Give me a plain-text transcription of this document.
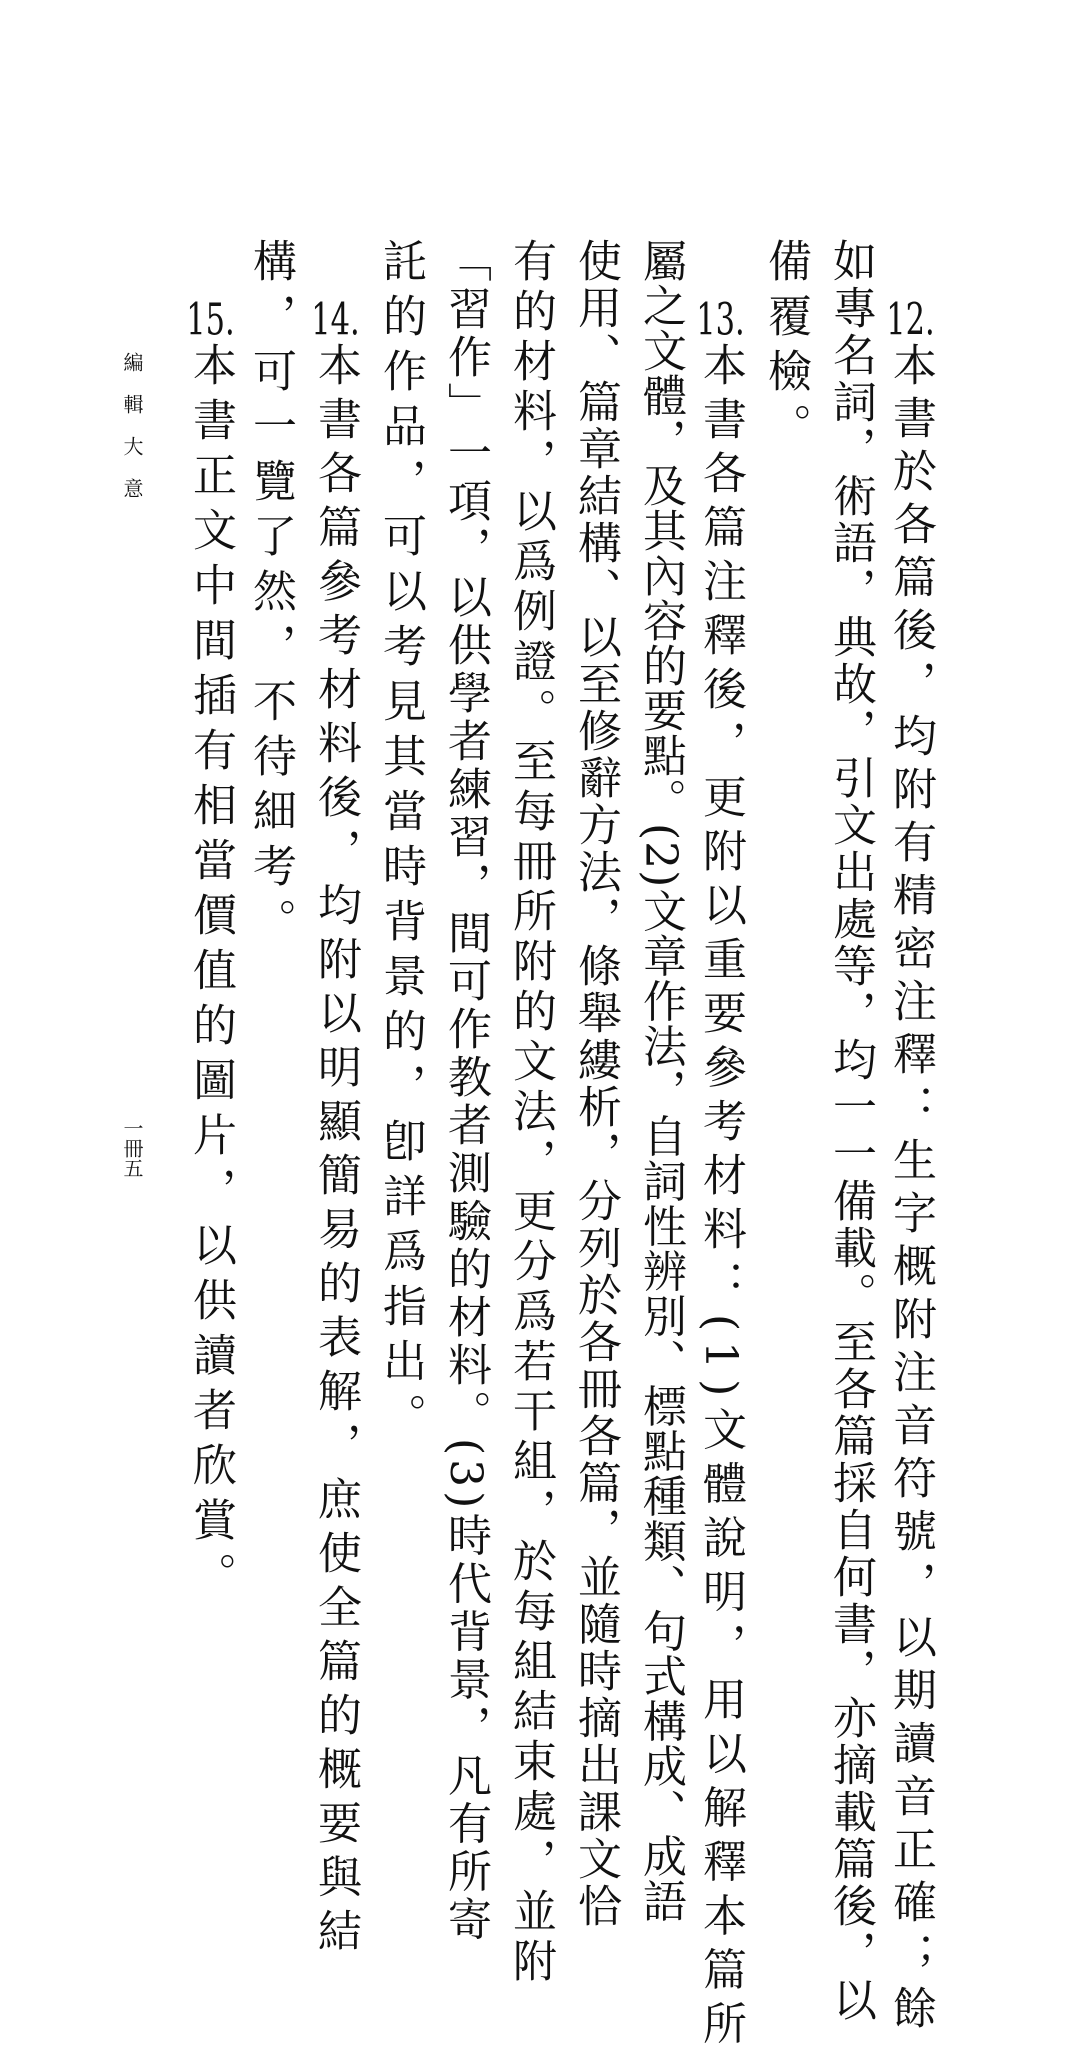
12.本書於各篇後，均附有精密注釋：生字概附注音符號，以期讀音正確；餘
如專名詞，術語，典故，引文出處等，均一一備載。至各篇採自何書，亦摘載篇後，以
備覆檢。
13.本書各篇注釋後，更附以重要參考材料：(1)文體說明，用以解釋本篇所
屬之文體，及其內容的要點。(2)文章作法，自詞性辨別、標點種類、句式構成、成語
使用、篇章結構、以至修辭方法，條舉縷析，分列於各冊各篇，並隨時摘出課文恰
有的材料，以爲例證。至每冊所附的文法，更分爲若干組，於每組結束處，並附
「習作」一項，以供學者練習，間可作教者測驗的材料。(3)時代背景，凡有所寄
託的作品，可以考見其當時背景的，卽詳爲指出。
14.本書各篇參考材料後，均附以明顯簡易的表解，庶使全篇的概要與結
構，可一覽了然，不待細考。
15.本書正文中間插有相當價值的圖片，以供讀者欣賞。
編輯大意
一冊五
